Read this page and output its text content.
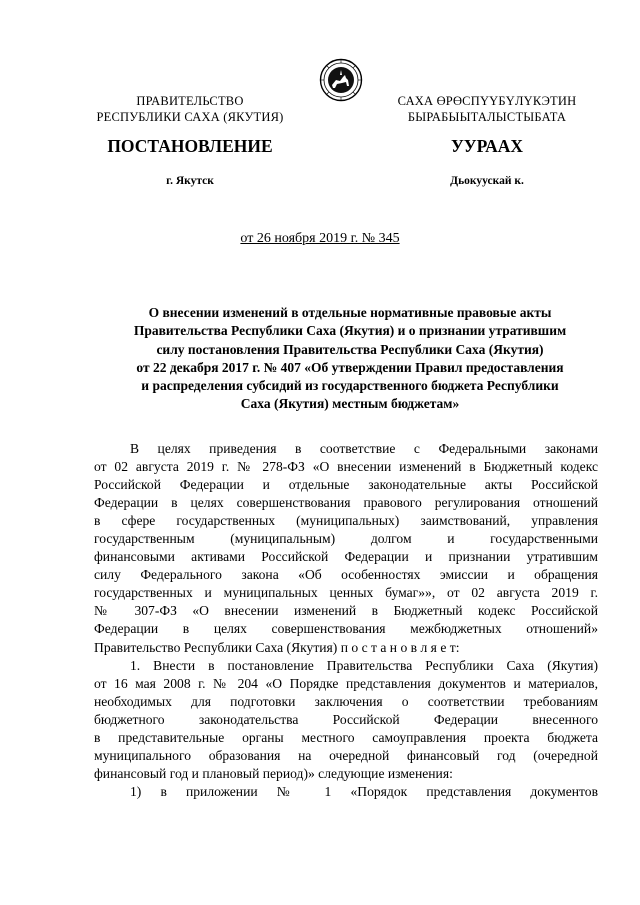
ПРАВИТЕЛЬСТВО
РЕСПУБЛИКИ САХА (ЯКУТИЯ)
САХА ӨРӨСПҮҮБҮЛҮКЭТИН
БЫРАБЫЫТАЛЫСТЫБАТА
ПОСТАНОВЛЕНИЕ	УУРААХ
г. Якутск	Дьокуускай к.
от 26 ноября 2019 г. № 345
О внесении изменений в отдельные нормативные правовые акты
Правительства Республики Саха (Якутия) и о признании утратившим
силу постановления Правительства Республики Саха (Якутия)
от 22 декабря 2017 г. № 407 «Об утверждении Правил предоставления
и распределения субсидий из государственного бюджета Республики
Саха (Якутия) местным бюджетам»
В целях приведения в соответствие с Федеральными законами
от 02 августа 2019 г. № 278-ФЗ «О внесении изменений в Бюджетный кодекс
Российской Федерации и отдельные законодательные акты Российской
Федерации в целях совершенствования правового регулирования отношений
в сфере государственных (муниципальных) заимствований, управления
государственным (муниципальным) долгом и государственными
финансовыми активами Российской Федерации и признании утратившим
силу Федерального закона «Об особенностях эмиссии и обращения
государственных и муниципальных ценных бумаг»», от 02 августа 2019 г.
№ 307-ФЗ «О внесении изменений в Бюджетный кодекс Российской
Федерации в целях совершенствования межбюджетных отношений»
Правительство Республики Саха (Якутия) п о с т а н о в л я е т:
1. Внести в постановление Правительства Республики Саха (Якутия)
от 16 мая 2008 г. № 204 «О Порядке представления документов и материалов,
необходимых для подготовки заключения о соответствии требованиям
бюджетного законодательства Российской Федерации внесенного
в представительные органы местного самоуправления проекта бюджета
муниципального образования на очередной финансовый год (очередной
финансовый год и плановый период)» следующие изменения:
1) в приложении № 1 «Порядок представления документов
